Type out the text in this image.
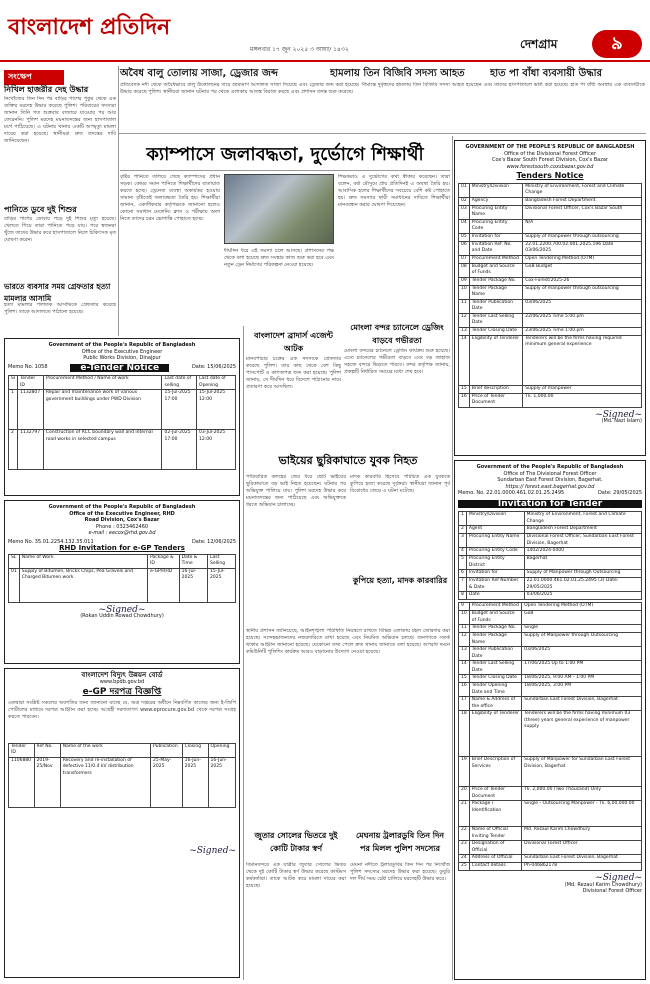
বাংলাদেশ প্রতিদিন
মঙ্গলবার ১৭ জুন ২০২৫ ৩ আষাঢ় ১৪৩২	দেশগ্রাম	৯
অবৈধ বালু তোলায় সাজা, ড্রেজার জব্দ	হামলায় তিন বিজিবি সদস্য আহত	হাত পা বাঁধা ব্যবসায়ী উদ্ধার
প্রতিবেদক নদী থেকে অবৈধভাবে বালু উত্তোলনের দায়ে ভ্রাম্যমাণ আদালত সাজা দিয়েছে এবং ড্রেজার জব্দ করা হয়েছে। সীমান্তে দুর্বৃত্তদের হামলায় তিন বিজিবি সদস্য আহত হয়েছেন এবং তাদের হাসপাতালে ভর্তি করা হয়েছে। হাত পা বাঁধা অবস্থায় এক ব্যবসায়ীকে উদ্ধার করেছে পুলিশ। স্থানীয়রা জানান ঘটনার পর থেকে এলাকায় আতঙ্ক বিরাজ করছে এবং প্রশাসন তদন্ত শুরু করেছে।
সংক্ষেপ
নিখিল হাজরীর দেহ উদ্ধার
নিখোঁজের তিন দিন পর বাড়ির পাশের পুকুর থেকে এক ব্যক্তির মরদেহ উদ্ধার করেছে পুলিশ। পরিবারের সদস্যরা জানান তিনি গত শুক্রবার বাজারে যাওয়ার পর আর ফেরেননি। পুলিশ মরদেহ ময়নাতদন্তের জন্য হাসপাতাল মর্গে পাঠিয়েছে। এ ঘটনায় থানায় একটি অপমৃত্যু মামলা দায়ের করা হয়েছে। স্থানীয়রা দ্রুত তদন্তের দাবি জানিয়েছেন।
পানিতে ডুবে দুই শিশুর
বাড়ির পাশের ডোবায় পড়ে দুই শিশুর মৃত্যু হয়েছে। খেলতে গিয়ে তারা পানিতে পড়ে যায়। পরে স্বজনরা খুঁজে তাদের উদ্ধার করে হাসপাতালে নিলে চিকিৎসক মৃত ঘোষণা করেন।
ভারতে ব্যবসার সময় গ্রেফতার হত্যা মামলার আসামি
হত্যা মামলার পলাতক আসামিকে গ্রেফতার করেছে পুলিশ। তাকে আদালতে পাঠানো হয়েছে।
Government of the People's Republic of Bangladesh
Office of the Executive Engineer
Public Works Division, Dinajpur
Memo No. 1058	e-Tender Notice	Date: 15/06/2025
Sl	Tender ID	Procurement Method / Name of work	Last date of selling	Last date of Opening
1	1132807	Repair and maintenance work of various government buildings under PWD Division	15-Jul-2025 17:00	15-Jul-2025 12:00
2	1132797	Construction of RCC boundary wall and internal road works in selected campus	02-Jul-2025 17:00	03-Jul-2025 12:00
Government of the People's Republic of Bangladesh
Office of the Executive Engineer, RHD
Road Division, Cox's Bazar
Phone : 0323462460
e-mail : eecox@rhd.gov.bd
Memo No. 35.01.2254.132.35.011	Date: 12/06/2025
RHD Invitation for e-GP Tenders
SL	Name of Work	Package & ID	Date & Time	Last Selling
01	Supply of Bitumen, Bricks Chips, Pea Gravels and Charged Bitumen work	e-GP/RHD	16-Jul-2025	15-Jul-2025
~Signed~
(Rokan Uddin Rowad Chowdhury)
বাংলাদেশ বিদ্যুৎ উন্নয়ন বোর্ড
www.bpdb.gov.bd
e-GP দরপত্র বিজ্ঞপ্তি
এতদ্বারা সংশ্লিষ্ট সকলের অবগতির জন্য জানানো যাচ্ছে যে, অত্র দপ্তরের অধীনে নিম্নবর্ণিত কাজের জন্য ই-জিপি পোর্টালের মাধ্যমে দরপত্র আহ্বান করা হচ্ছে। আগ্রহী দরদাতাগণ www.eprocure.gov.bd থেকে দরপত্র সংগ্রহ করতে পারবেন।
Tender ID	Ref No.	Name of the work	Publication	Closing	Opening
1106880	2019-25/Nov	Recovery and re-installation of defective 11/0.4 kV distribution transformers	25-May-2025	16-Jun-2025	16-Jun-2025
~Signed~
ক্যাম্পাসে জলাবদ্ধতা, দুর্ভোগে শিক্ষার্থী
বৃষ্টির পানিতে তলিয়ে গেছে ক্যাম্পাসের প্রধান সড়ক। কোমর সমান পানিতে শিক্ষার্থীদের যাতায়াত করতে হচ্ছে। ড্রেনেজ ব্যবস্থা অকার্যকর হওয়ায় সামান্য বৃষ্টিতেই জলাবদ্ধতা তৈরি হয়। শিক্ষার্থীরা জানান, একাধিকবার কর্তৃপক্ষকে জানানো হলেও কোনো সমাধান মেলেনি। ক্লাস ও পরীক্ষায় অংশ নিতে তাদের চরম ভোগান্তি পোহাতে হচ্ছে।
দীর্ঘদিন ধরে এই সমস্যা চলে আসছে। প্রশাসনের পক্ষ থেকে বলা হয়েছে দ্রুত সংস্কার কাজ শুরু করা হবে এবং নতুন ড্রেন নির্মাণের পরিকল্পনা নেওয়া হয়েছে।
শিক্ষকরাও এ দুর্ভোগের কথা স্বীকার করেছেন। তারা বলেন, বর্ষা মৌসুমে প্রায় প্রতিদিনই এ অবস্থা তৈরি হয়। আবাসিক হলের শিক্ষার্থীদের সবচেয়ে বেশি কষ্ট পোহাতে হয়। দ্রুত সমস্যার স্থায়ী সমাধানের দাবিতে শিক্ষার্থীরা মানববন্ধন করার ঘোষণা দিয়েছেন।
বাংলাদেশ ব্রাদার্স এজেন্ট আটক
মানবপাচার চক্রের এক সদস্যকে গ্রেফতার করেছে পুলিশ। তার কাছ থেকে বেশ কিছু পাসপোর্ট ও কাগজপত্র জব্দ করা হয়েছে। পুলিশ জানায়, সে দীর্ঘদিন ধরে বিদেশে পাঠানোর নামে প্রতারণা করে আসছিল।
মোংলা বন্দর চ্যানেলে ড্রেজিং বাড়বে গভীরতা
মোংলা বন্দরের চ্যানেলে ড্রেজিং কার্যক্রম শুরু হয়েছে। এতে চ্যানেলের গভীরতা বাড়বে এবং বড় জাহাজ সহজে বন্দরে ভিড়তে পারবে। বন্দর কর্তৃপক্ষ জানায়, প্রকল্পটি নির্ধারিত সময়ের মধ্যে শেষ হবে।
ভাইয়ের ছুরিকাঘাতে যুবক নিহত
পারিবারিক কলহের জের ধরে ছোট ভাইয়ের ছুরিকাঘাতে বড় ভাই নিহত হয়েছেন। ঘটনার পর অভিযুক্ত পালিয়ে যায়। পুলিশ মরদেহ উদ্ধার করে ময়নাতদন্তের জন্য পাঠিয়েছে এবং অভিযুক্তকে ধরতে অভিযান চালাচ্ছে।
কুপিয়ে হত্যা, মাদক কারবারির
মাদক কারবারি হিসেবে পরিচিত এক যুবককে কুপিয়ে হত্যা করেছে দুর্বৃত্তরা। স্থানীয়রা জানান পূর্ব বিরোধের জেরে এ ঘটনা ঘটেছে।
জুতার সোলের ভিতরে দুই কোটি টাকার স্বর্ণ
বিমানবন্দরে এক যাত্রীর জুতার সোলের ভিতর থেকে দুই কোটি টাকার স্বর্ণ উদ্ধার করেছে কাস্টমস কর্মকর্তারা। তাকে আটক করে মামলা দায়ের করা হয়েছে।
মেঘনায় ট্রলারডুবি তিন দিন পর মিলল পুলিশ সদস্যের
মেঘনা নদীতে ট্রলারডুবির তিন দিন পর নিখোঁজ পুলিশ সদস্যের মরদেহ উদ্ধার করা হয়েছে। ডুবুরি দল দীর্ঘ সময় চেষ্টা চালিয়ে মরদেহটি উদ্ধার করে।
স্থানীয় প্রশাসন জানিয়েছে, আইনশৃঙ্খলা পরিস্থিতি নিয়ন্ত্রণে রাখতে বিভিন্ন এলাকায় টহল জোরদার করা হয়েছে। সন্দেহভাজনদের নজরদারিতে রাখা হয়েছে এবং নিয়মিত অভিযান চলছে। জনগণকে সতর্ক থাকার আহ্বান জানানো হয়েছে। যেকোনো তথ্য পেলে দ্রুত থানায় জানাতে বলা হয়েছে। অপরাধ দমনে কমিউনিটি পুলিশিং কার্যক্রম আরও বাড়ানোর উদ্যোগ নেওয়া হয়েছে।
GOVERNMENT OF THE PEOPLE'S REPUBLIC OF BANGLADESH
Office of the Divisional Forest Officer
Cox's Bazar South Forest Division, Cox's Bazar
www.forestsouth.coxsbazar.gov.bd
Tenders Notice
01	Ministry/Division	Ministry of Environment, Forest and Climate Change
02	Agency	Bangladesh Forest Department
03	Procuring Entity Name	Divisional Forest Officer, Cox's Bazar South
04	Procuring Entity Code	N/A
05	Invitation for	Supply of manpower through outsourcing
06	Invitation Ref. No. and Date	22.01.2200.700.02.001.2025.196 Date 03/06/2025
07	Procurement Method	Open Tendering Method (OTM)
08	Budget and Source of Funds	GoB Budget
09	Tender Package No.	Cox-Forest/2025-26
10	Tender Package Name	Supply of manpower through outsourcing
11	Tender Publication Date	03/06/2025
12	Tender Last Selling Date	22/06/2025 Time 5:00 pm
13	Tender Closing Date	23/06/2025 Time 1:00 pm
14	Eligibility of Tenderer	Tenderers will be the firms having required minimum general experience
15	Brief description	Supply of manpower
16	Price of Tender Document	Tk. 1,000.00
~Signed~
(Md. Nazi Islam)
Government of the People's Republic of Bangladesh
Office of The Divisional Forest Officer
Sundarban East Forest Division, Bagerhat.
https:// forest.east.bagerhat.gov.bd
Memo. No. 22.01.0000.461.02.01.25.2495	Date: 29/05/2025
Invitation for Tender
1	Ministry/Division	Ministry of Environment, Forest and Climate Change
2	Agent	Bangladesh Forest Department
3	Procuring Entity Name	Divisional Forest Officer, Sundarban East Forest Division, Bagerhat
4	Procuring Entity Code	1402/2024-0400
5	Procuring Entity District	Bagerhat
6	Invitation for	Supply of Manpower through Outsourcing
7	Invitation Ref Number & Date	22.01.0000.461.02.01.25.2495 (3) Date: 29/05/2025
8	Date	03/06/2025
9	Procurement Method	Open Tendering Method (OTM)
10	Budget and Source of Funds	GoB
11	Tender Package No.	Single
12	Tender Package Name	Supply of Manpower through Outsourcing
13	Tender Publication Date	03/06/2025
14	Tender Last Selling Date	17/06/2025 Up to 1:00 PM
15	Tender Closing Date	18/06/2025, 9:00 AM - 1:00 PM
16	Tender Opening Date and Time	18/06/2025, 3:00 PM
17	Name & Address of the office	Sundarban East Forest Division, Bagerhat
18	Eligibility of Tenderer	Tenderers will be the firms having minimum 03 (three) years general experience of manpower supply
19	Brief Description of Services	Supply of Manpower for Sundarban East Forest Division, Bagerhat
20	Price of Tender Document	Tk. 2,000.00 (Two Thousand) Only
21	Package / Identification	Single - Outsourcing Manpower - Tk. 6,00,000.00
22	Name of Official Inviting Tender	Md. Rezaul Karim Chowdhury
23	Designation of Official	Divisional Forest Officer
24	Address of Official	Sundarban East Forest Division, Bagerhat
25	Contact details	Ph-046862178
~Signed~
(Md. Rezaul Karim Chowdhury)
Divisional Forest Officer
